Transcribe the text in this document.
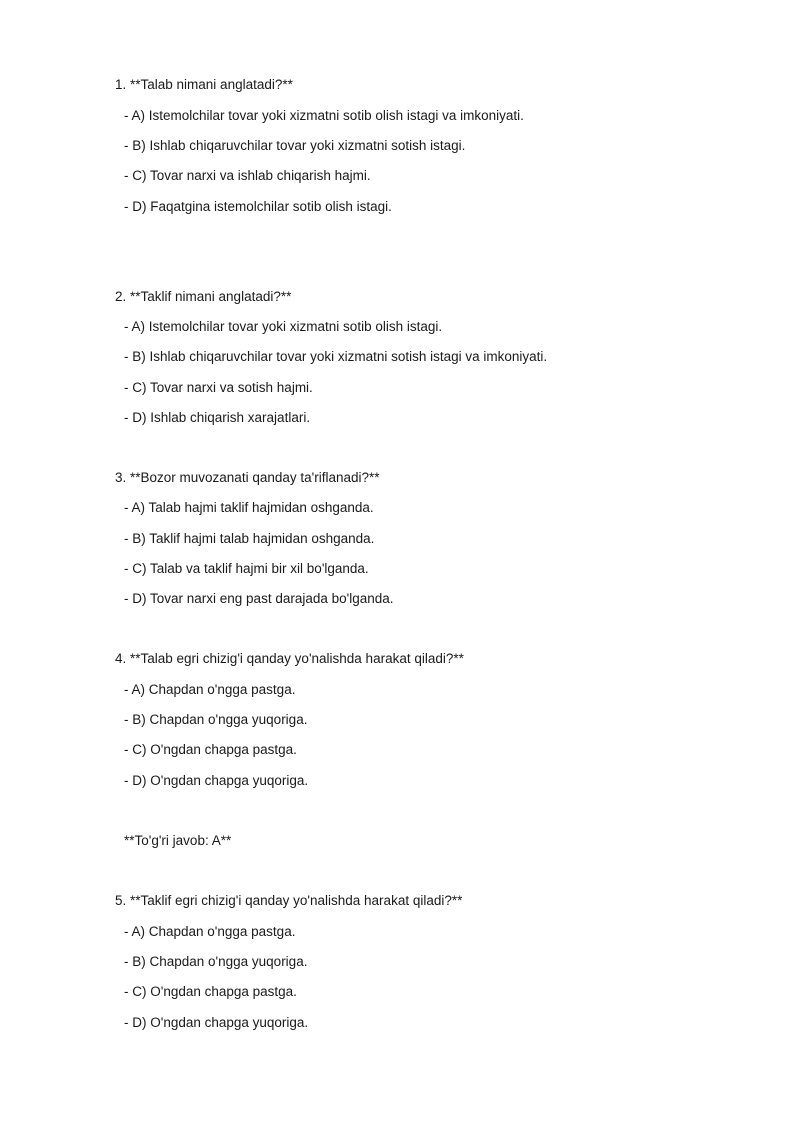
1. **Talab nimani anglatadi?**
- A) Istemolchilar tovar yoki xizmatni sotib olish istagi va imkoniyati.
- B) Ishlab chiqaruvchilar tovar yoki xizmatni sotish istagi.
- C) Tovar narxi va ishlab chiqarish hajmi.
- D) Faqatgina istemolchilar sotib olish istagi.
2. **Taklif nimani anglatadi?**
- A) Istemolchilar tovar yoki xizmatni sotib olish istagi.
- B) Ishlab chiqaruvchilar tovar yoki xizmatni sotish istagi va imkoniyati.
- C) Tovar narxi va sotish hajmi.
- D) Ishlab chiqarish xarajatlari.
3. **Bozor muvozanati qanday ta'riflanadi?**
- A) Talab hajmi taklif hajmidan oshganda.
- B) Taklif hajmi talab hajmidan oshganda.
- C) Talab va taklif hajmi bir xil bo'lganda.
- D) Tovar narxi eng past darajada bo'lganda.
4. **Talab egri chizig'i qanday yo'nalishda harakat qiladi?**
- A) Chapdan o'ngga pastga.
- B) Chapdan o'ngga yuqoriga.
- C) O'ngdan chapga pastga.
- D) O'ngdan chapga yuqoriga.
**To'g'ri javob: A**
5. **Taklif egri chizig'i qanday yo'nalishda harakat qiladi?**
- A) Chapdan o'ngga pastga.
- B) Chapdan o'ngga yuqoriga.
- C) O'ngdan chapga pastga.
- D) O'ngdan chapga yuqoriga.
